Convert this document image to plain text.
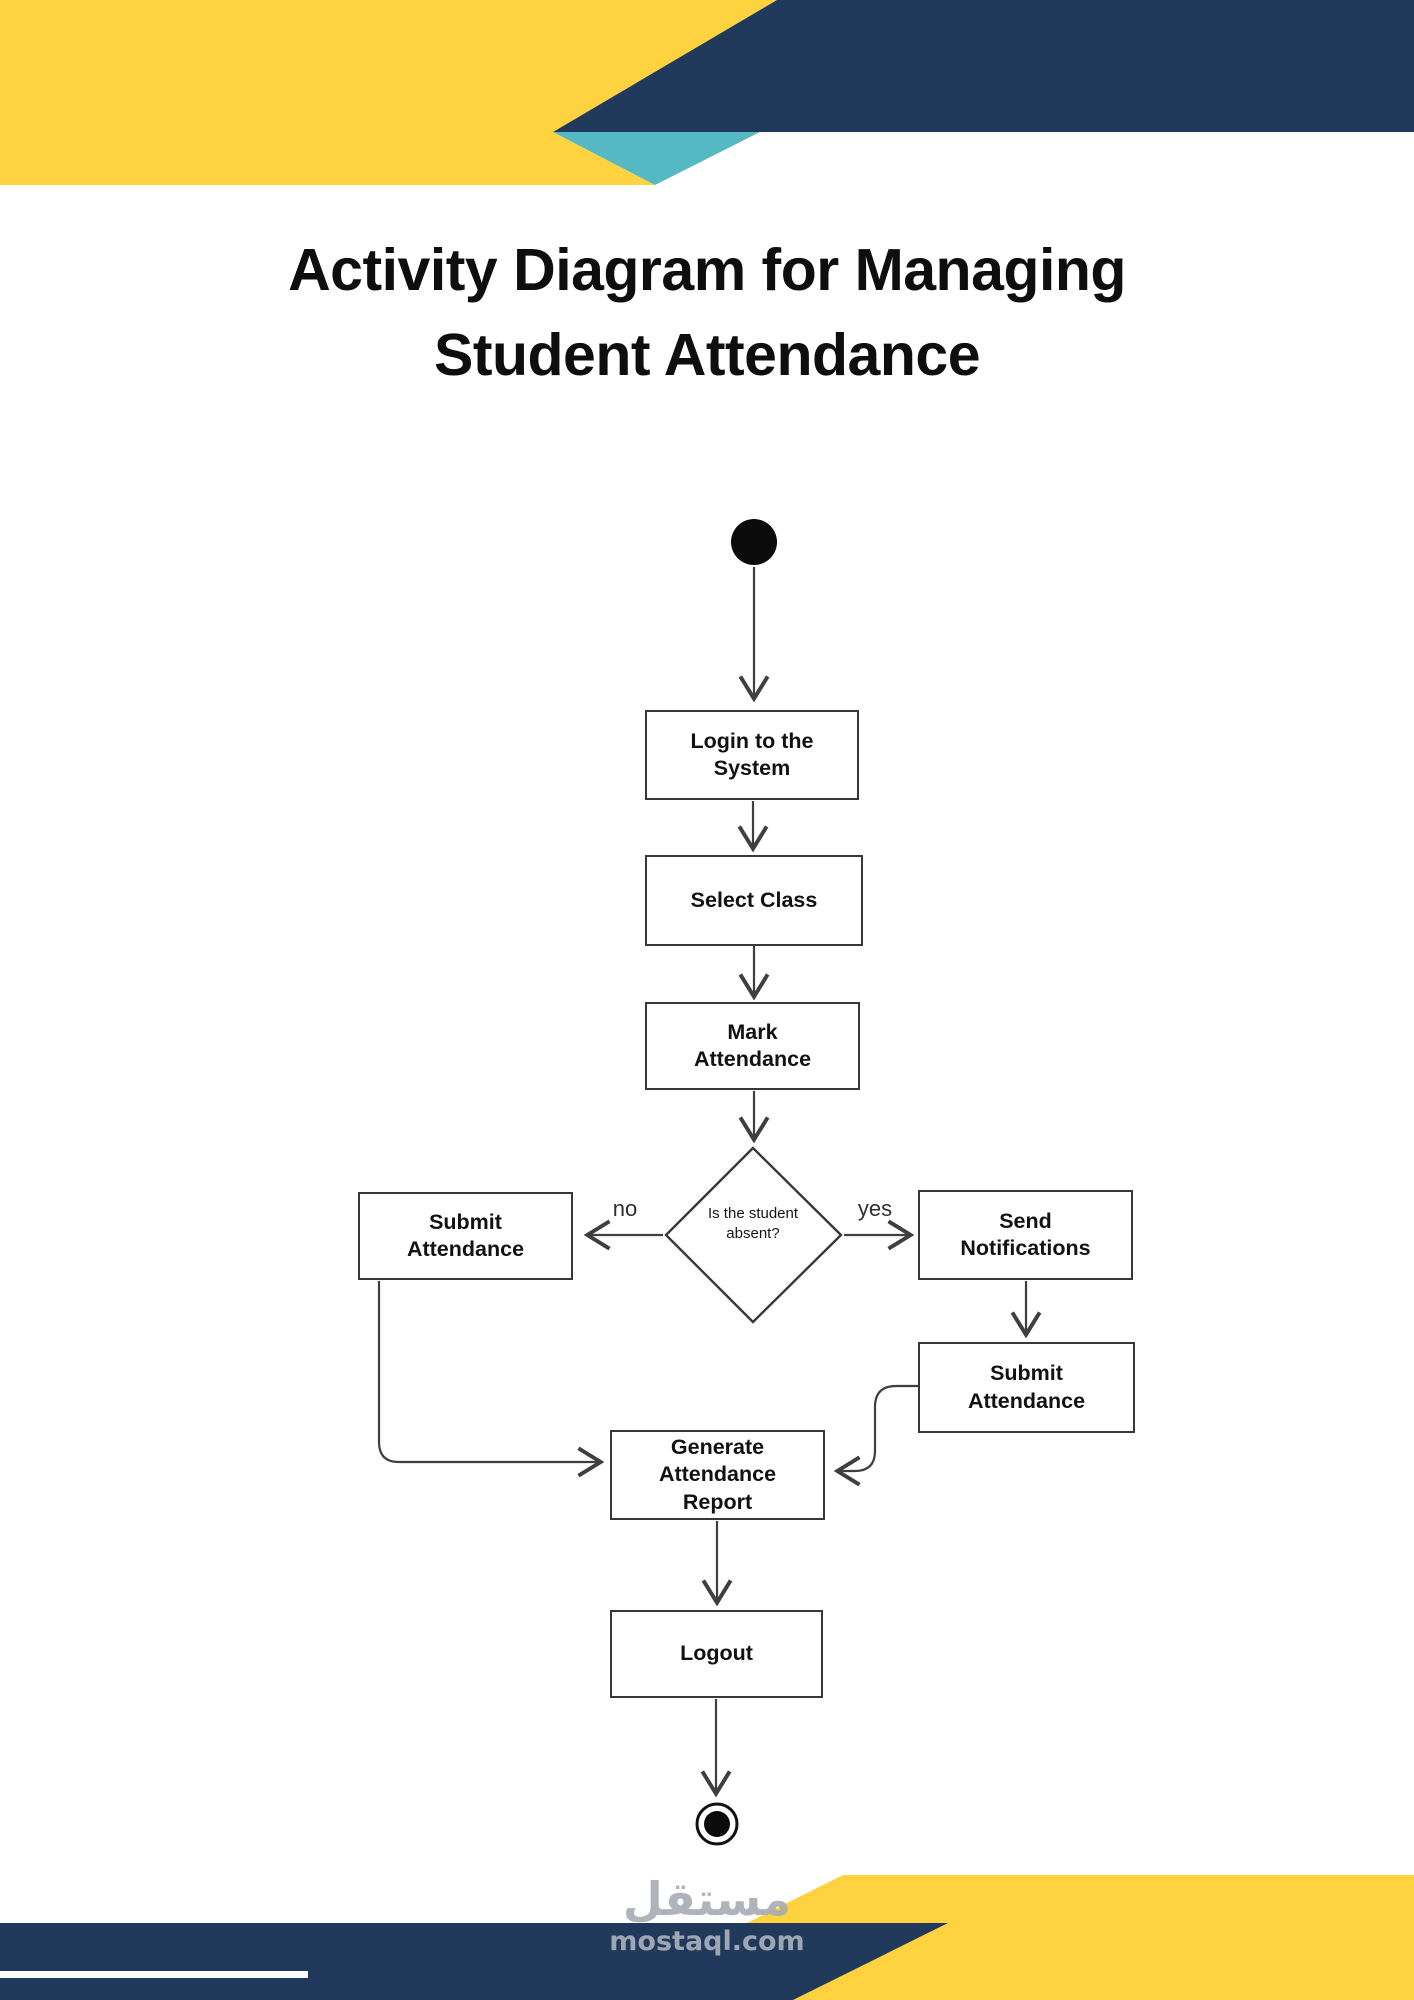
Activity Diagram for Managing
Student Attendance
Login to the
System
Select Class
Mark
Attendance
Submit
Attendance
Send
Notifications
Submit
Attendance
Generate
Attendance
Report
Logout
Is the student
absent?
no	yes
مستقل
mostaql.com
